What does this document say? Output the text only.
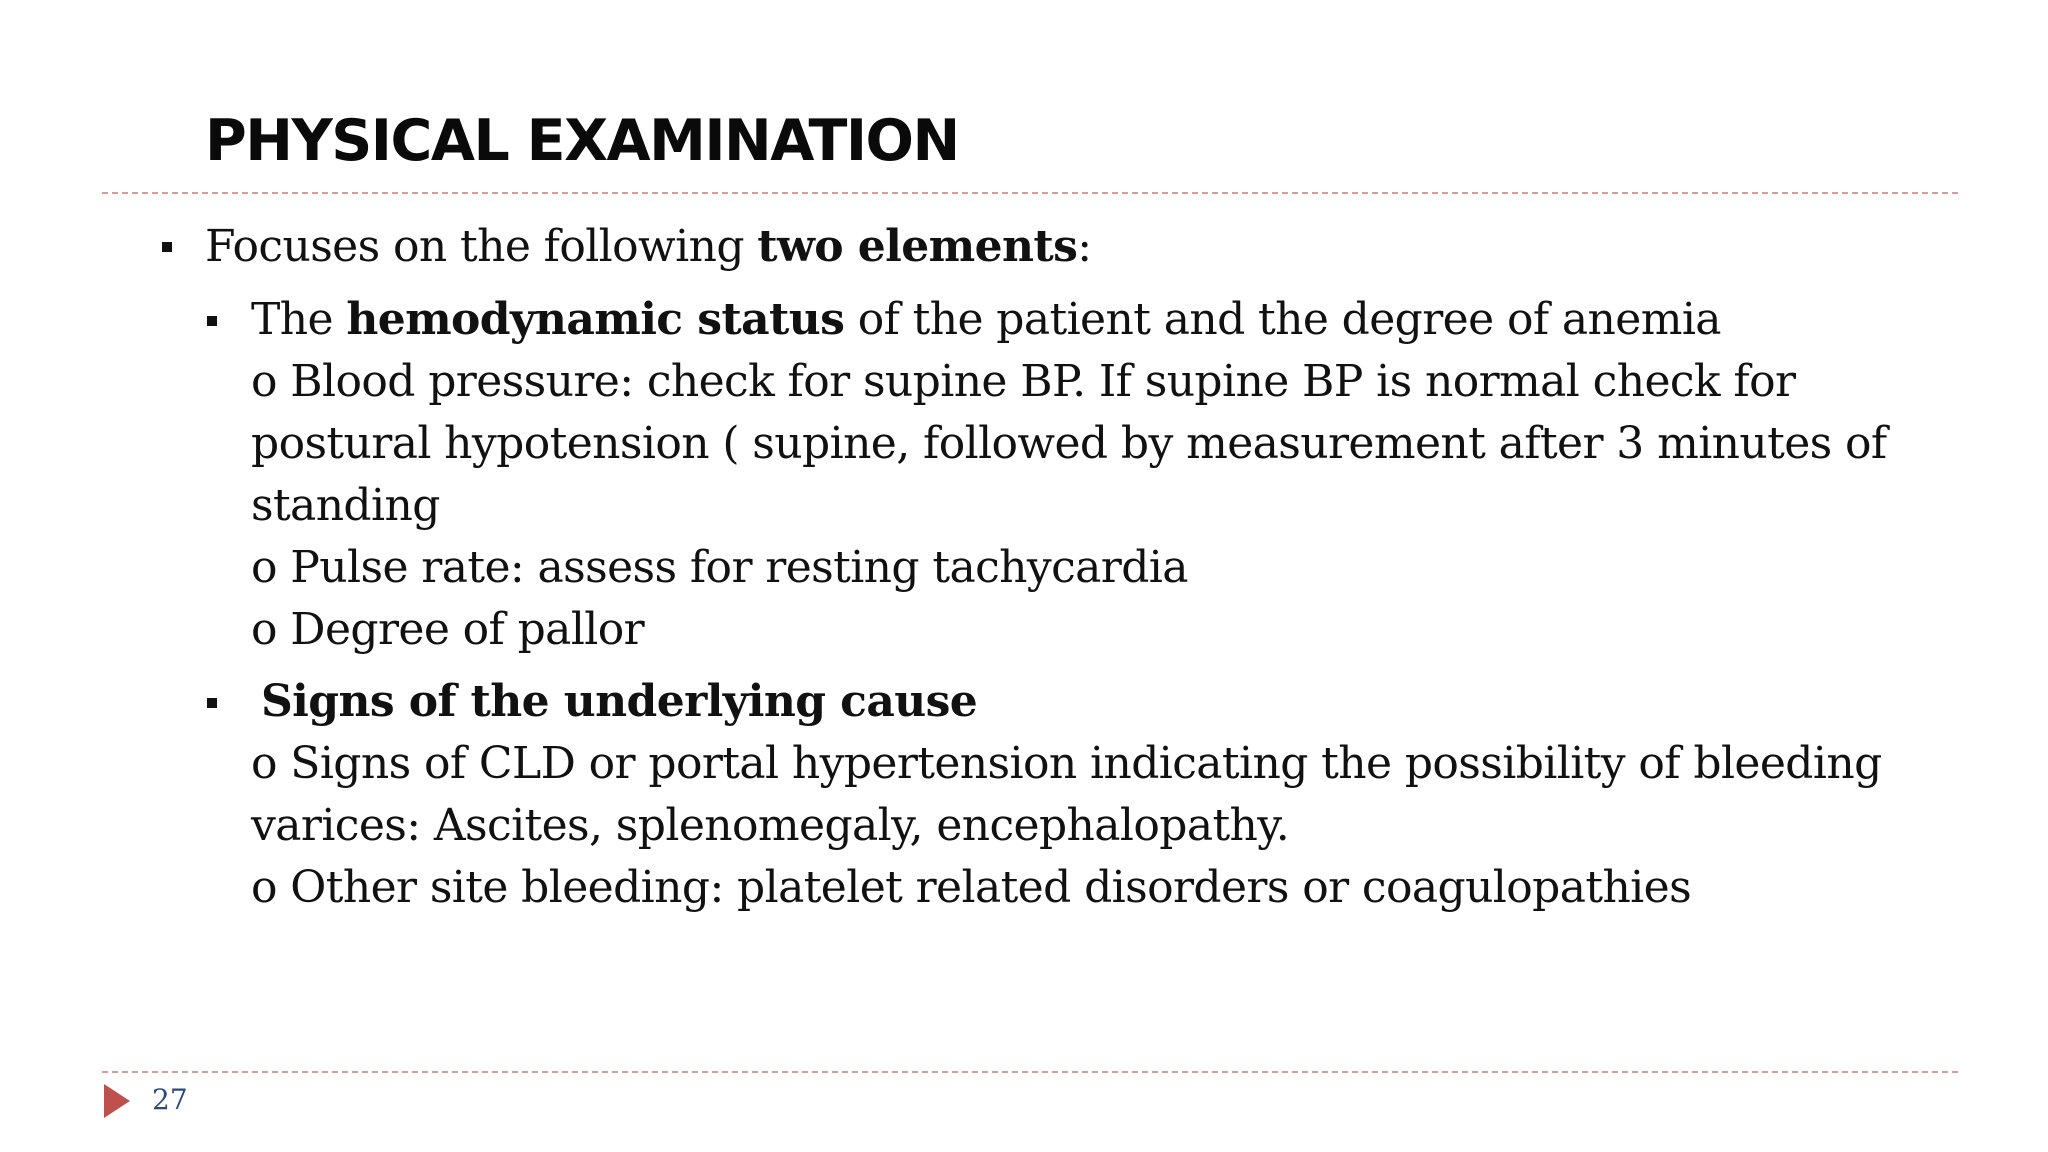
PHYSICAL EXAMINATION
Focuses on the following two elements:
The hemodynamic status of the patient and the degree of anemia
o Blood pressure: check for supine BP. If supine BP is normal check for
postural hypotension ( supine, followed by measurement after 3 minutes of
standing
o Pulse rate: assess for resting tachycardia
o Degree of pallor
Signs of the underlying cause
o Signs of CLD or portal hypertension indicating the possibility of bleeding
varices: Ascites, splenomegaly, encephalopathy.
o Other site bleeding: platelet related disorders or coagulopathies
27
